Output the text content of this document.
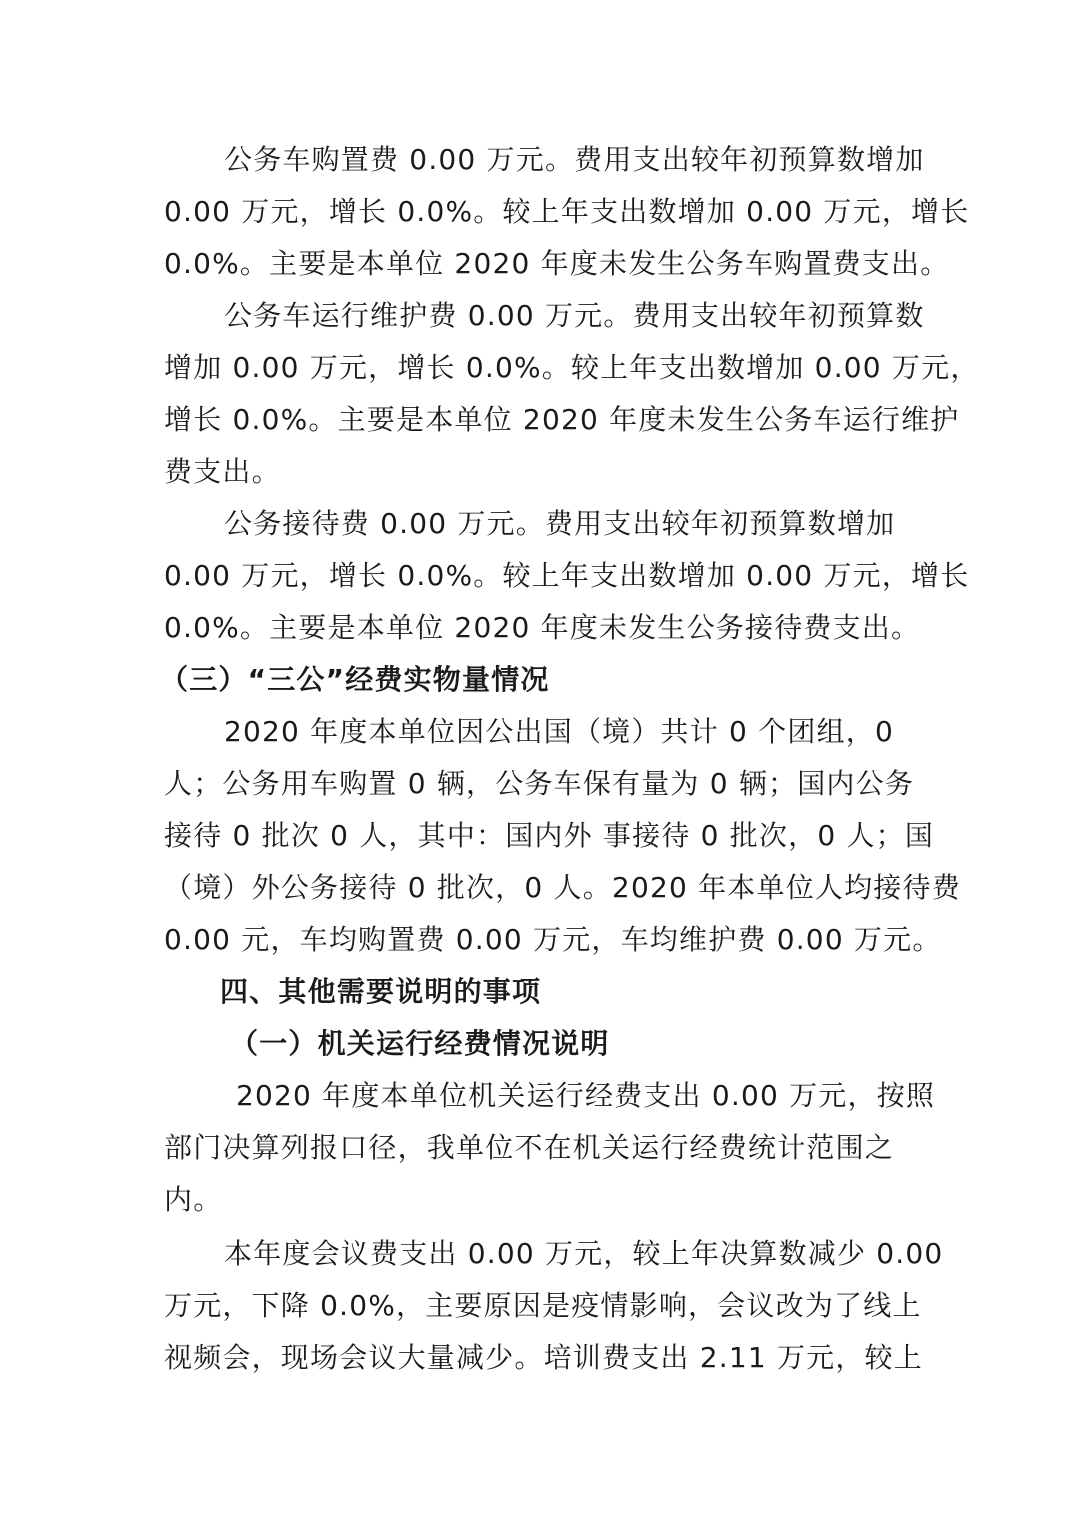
公务车购置费 0.00 万元。费用支出较年初预算数增加
0.00 万元，增长 0.0%。较上年支出数增加 0.00 万元，增长
0.0%。主要是本单位 2020 年度未发生公务车购置费支出。
公务车运行维护费 0.00 万元。费用支出较年初预算数
增加 0.00 万元，增长 0.0%。较上年支出数增加 0.00 万元，
增长 0.0%。主要是本单位 2020 年度未发生公务车运行维护
费支出。
公务接待费 0.00 万元。费用支出较年初预算数增加
0.00 万元，增长 0.0%。较上年支出数增加 0.00 万元，增长
0.0%。主要是本单位 2020 年度未发生公务接待费支出。
（三）“三公”经费实物量情况
2020 年度本单位因公出国（境）共计 0 个团组，0
人；公务用车购置 0 辆，公务车保有量为 0 辆；国内公务
接待 0 批次 0 人，其中：国内外 事接待 0 批次，0 人；国
（境）外公务接待 0 批次，0 人。2020 年本单位人均接待费
0.00 元，车均购置费 0.00 万元，车均维护费 0.00 万元。
四、其他需要说明的事项
（一）机关运行经费情况说明
2020 年度本单位机关运行经费支出 0.00 万元，按照
部门决算列报口径，我单位不在机关运行经费统计范围之
内。
本年度会议费支出 0.00 万元，较上年决算数减少 0.00
万元，下降 0.0%，主要原因是疫情影响，会议改为了线上
视频会，现场会议大量减少。培训费支出 2.11 万元，较上
